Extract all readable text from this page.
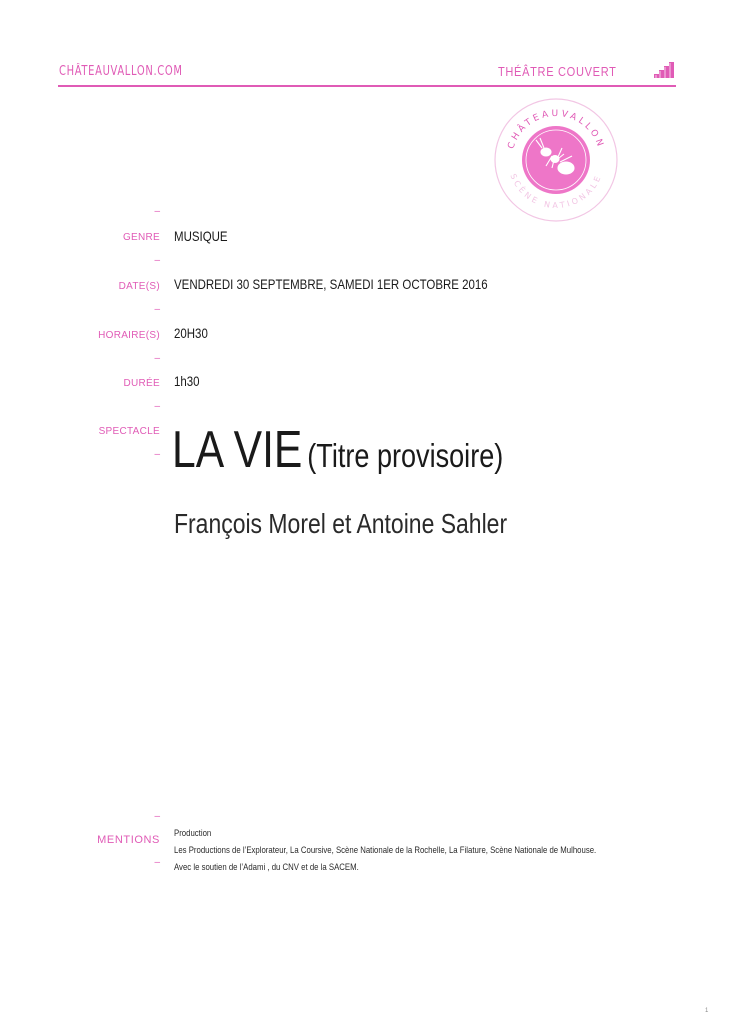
CHÂTEAUVALLON.COM	THÉÂTRE COUVERT
CHÂTEAUVALLON
SCÈNE NATIONALE
–
GENRE MUSIQUE
–
DATE(S) VENDREDI 30 SEPTEMBRE, SAMEDI 1ER OCTOBRE 2016
–
HORAIRE(S) 20H30
–
DURÉE 1h30
–
SPECTACLE
– LA VIE (Titre provisoire)
François Morel et Antoine Sahler
–
MENTIONS
–
Production
Les Productions de l’Explorateur, La Coursive, Scène Nationale de la Rochelle, La Filature, Scène Nationale de Mulhouse.
Avec le soutien de l’Adami , du CNV et de la SACEM.
1
